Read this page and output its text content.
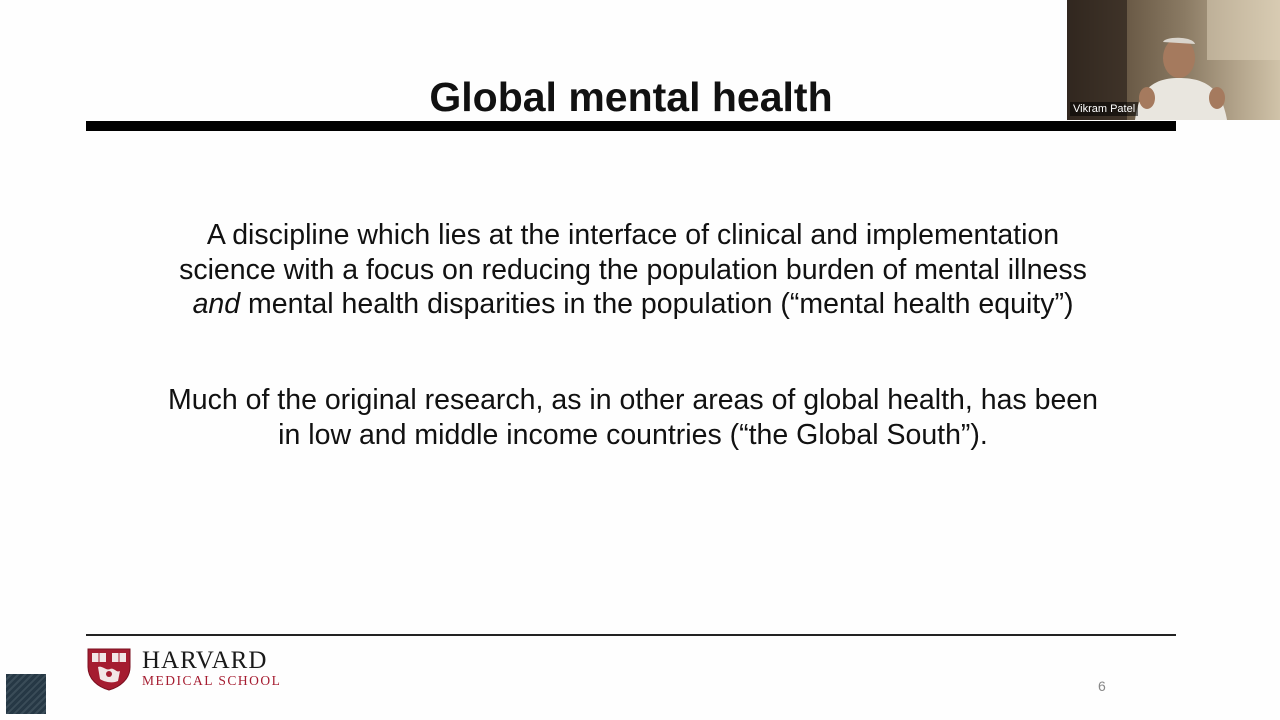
Global mental health
A discipline which lies at the interface of clinical and implementation
science with a focus on reducing the population burden of mental illness
and mental health disparities in the population (“mental health equity”)
Much of the original research, as in other areas of global health, has been
in low and middle income countries (“the Global South”).
HARVARD
MEDICAL SCHOOL	6
Vikram Patel
